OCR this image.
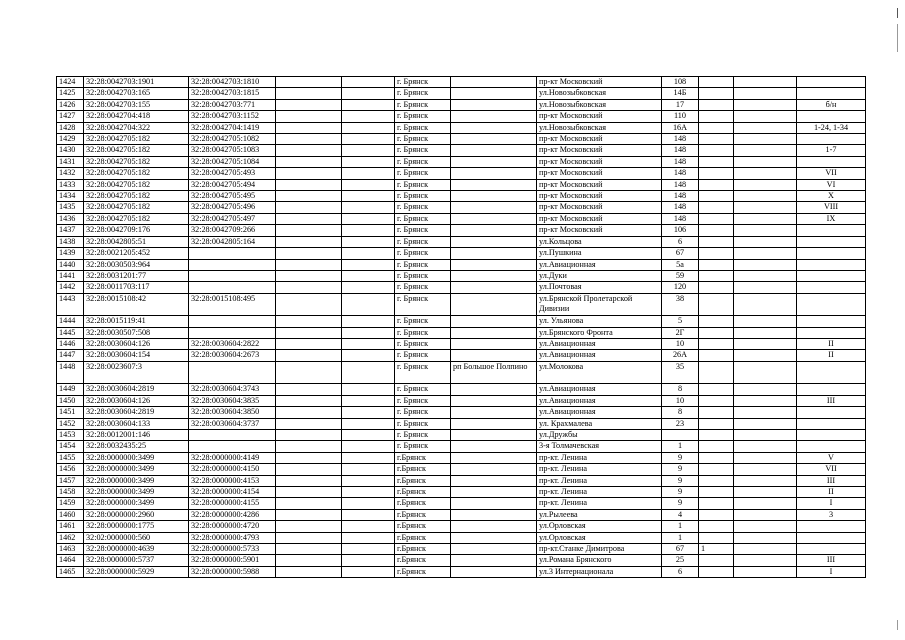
1424	32:28:0042703:1901	32:28:0042703:1810			г. Брянск		пр-кт Московский	108			
1425	32:28:0042703:165	32:28:0042703:1815			г. Брянск		ул.Новозыбковская	14Б			
1426	32:28:0042703:155	32:28:0042703:771			г. Брянск		ул.Новозыбковская	17			б/н
1427	32:28:0042704:418	32:28:0042703:1152			г. Брянск		пр-кт Московский	110			
1428	32:28:0042704:322	32:28:0042704:1419			г. Брянск		ул.Новозыбковская	16А			1-24, 1-34
1429	32:28:0042705:182	32:28:0042705:1082			г. Брянск		пр-кт Московский	148			
1430	32:28:0042705:182	32:28:0042705:1083			г. Брянск		пр-кт Московский	148			1-7
1431	32:28:0042705:182	32:28:0042705:1084			г. Брянск		пр-кт Московский	148			
1432	32:28:0042705:182	32:28:0042705:493			г. Брянск		пр-кт Московский	148			VII
1433	32:28:0042705:182	32:28:0042705:494			г. Брянск		пр-кт Московский	148			VI
1434	32:28:0042705:182	32:28:0042705:495			г. Брянск		пр-кт Московский	148			X
1435	32:28:0042705:182	32:28:0042705:496			г. Брянск		пр-кт Московский	148			VIII
1436	32:28:0042705:182	32:28:0042705:497			г. Брянск		пр-кт Московский	148			IX
1437	32:28:0042709:176	32:28:0042709:266			г. Брянск		пр-кт Московский	106			
1438	32:28:0042805:51	32:28:0042805:164			г. Брянск		ул.Кольцова	6			
1439	32:28:0021205:452				г. Брянск		ул.Пушкина	67			
1440	32:28:0030503:964				г. Брянск		ул.Авиационная	5а			
1441	32:28:0031201:77				г. Брянск		ул.Дуки	59			
1442	32:28:0011703:117				г. Брянск		ул.Почтовая	120			
1443	32:28:0015108:42	32:28:0015108:495			г. Брянск		ул.Брянской Пролетарской Дивизии	38			
1444	32:28:0015119:41				г. Брянск		ул. Ульянова	5			
1445	32:28:0030507:508				г. Брянск		ул.Брянского Фронта	2Г			
1446	32:28:0030604:126	32:28:0030604:2822			г. Брянск		ул.Авиационная	10			II
1447	32:28:0030604:154	32:28:0030604:2673			г. Брянск		ул.Авиационная	26А			II
1448	32:28:0023607:3				г. Брянск	рп Большое Полпино	ул.Молокова	35			
1449	32:28:0030604:2819	32:28:0030604:3743			г. Брянск		ул.Авиационная	8			
1450	32:28:0030604:126	32:28:0030604:3835			г. Брянск		ул.Авиационная	10			III
1451	32:28:0030604:2819	32:28:0030604:3850			г. Брянск		ул.Авиационная	8			
1452	32:28:0030604:133	32:28:0030604:3737			г. Брянск		ул. Крахмалева	23			
1453	32:28:0012001:146				г. Брянск		ул.Дружбы				
1454	32:28:0032435:25				г. Брянск		3-я Толмачевская	1			
1455	32:28:0000000:3499	32:28:0000000:4149			г.Брянск		пр-кт. Ленина	9			V
1456	32:28:0000000:3499	32:28:0000000:4150			г.Брянск		пр-кт. Ленина	9			VII
1457	32:28:0000000:3499	32:28:0000000:4153			г.Брянск		пр-кт. Ленина	9			III
1458	32:28:0000000:3499	32:28:0000000:4154			г.Брянск		пр-кт. Ленина	9			II
1459	32:28:0000000:3499	32:28:0000000:4155			г.Брянск		пр-кт. Ленина	9			I
1460	32:28:0000000:2960	32:28:0000000:4286			г.Брянск		ул.Рылеева	4			3
1461	32:28:0000000:1775	32:28:0000000:4720			г.Брянск		ул.Орловская	1			
1462	32:02:0000000:560	32:28:0000000:4793			г.Брянск		ул.Орловская	1			
1463	32:28:0000000:4639	32:28:0000000:5733			г.Брянск		пр-кт.Станке Димитрова	67	1		
1464	32:28:0000000:5737	32:28:0000000:5901			г.Брянск		ул.Романа Брянского	25			III
1465	32:28:0000000:5929	32:28:0000000:5988			г.Брянск		ул.3 Интернационала	6			I
